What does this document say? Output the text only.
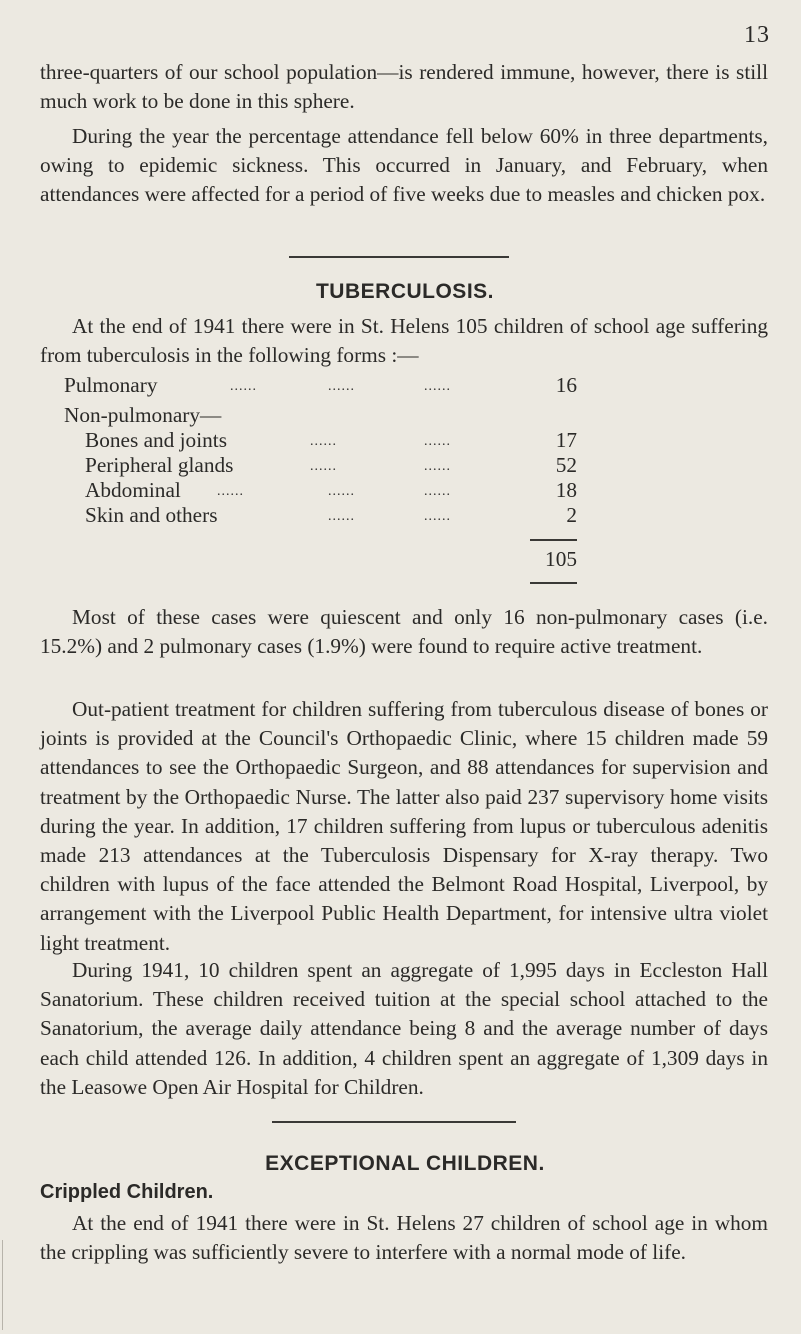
13

three-quarters of our school population—is rendered immune, however, there is still much work to be done in this sphere.

During the year the percentage attendance fell below 60% in three departments, owing to epidemic sickness. This occurred in January, and February, when attendances were affected for a period of five weeks due to measles and chicken pox.

TUBERCULOSIS.

At the end of 1941 there were in St. Helens 105 children of school age suffering from tuberculosis in the following forms :—

Pulmonary	......	......	......	16
Non-pulmonary—
Bones and joints	......	......	17
Peripheral glands	......	......	52
Abdominal	......	......	......	18
Skin and others	......	......	2
105

Most of these cases were quiescent and only 16 non-pulmonary cases (i.e. 15.2%) and 2 pulmonary cases (1.9%) were found to require active treatment.

Out-patient treatment for children suffering from tuberculous disease of bones or joints is provided at the Council's Orthopaedic Clinic, where 15 children made 59 attendances to see the Orthopaedic Surgeon, and 88 attendances for supervision and treatment by the Orthopaedic Nurse. The latter also paid 237 supervisory home visits during the year. In addition, 17 children suffering from lupus or tuberculous adenitis made 213 attendances at the Tuberculosis Dispensary for X-ray therapy. Two children with lupus of the face attended the Belmont Road Hospital, Liverpool, by arrangement with the Liverpool Public Health Department, for intensive ultra violet light treatment.

During 1941, 10 children spent an aggregate of 1,995 days in Eccleston Hall Sanatorium. These children received tuition at the special school attached to the Sanatorium, the average daily attendance being 8 and the average number of days each child attended 126. In addition, 4 children spent an aggregate of 1,309 days in the Leasowe Open Air Hospital for Children.

EXCEPTIONAL CHILDREN.
Crippled Children.

At the end of 1941 there were in St. Helens 27 children of school age in whom the crippling was sufficiently severe to interfere with a normal mode of life.
